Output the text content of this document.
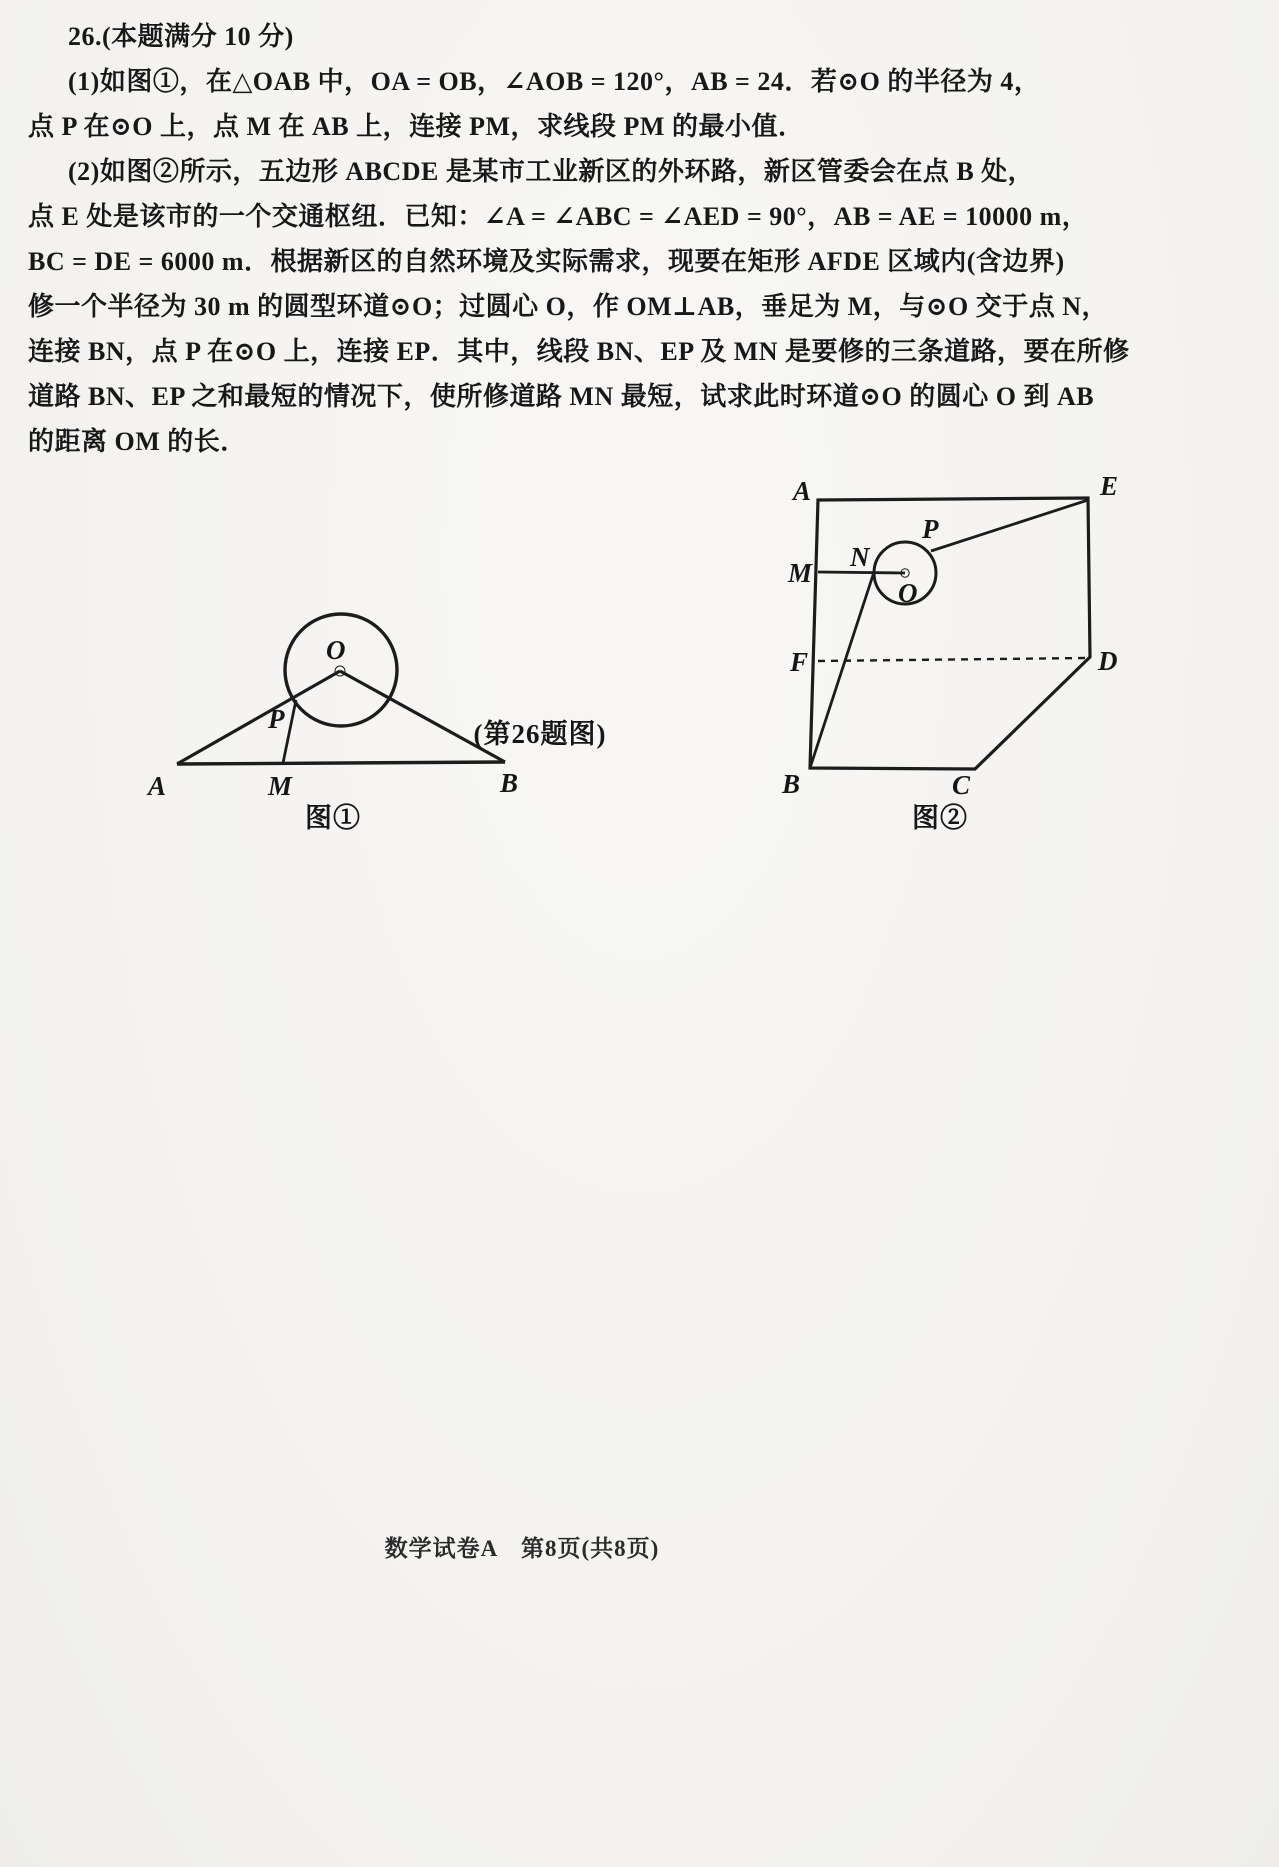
26.(本题满分 10 分)
(1)如图①，在△OAB 中，OA = OB，∠AOB = 120°，AB = 24．若⊙O 的半径为 4，
点 P 在⊙O 上，点 M 在 AB 上，连接 PM，求线段 PM 的最小值．
(2)如图②所示，五边形 ABCDE 是某市工业新区的外环路，新区管委会在点 B 处，
点 E 处是该市的一个交通枢纽．已知：∠A = ∠ABC = ∠AED = 90°，AB = AE = 10000 m，
BC = DE = 6000 m．根据新区的自然环境及实际需求，现要在矩形 AFDE 区域内(含边界)
修一个半径为 30 m 的圆型环道⊙O；过圆心 O，作 OM⊥AB，垂足为 M，与⊙O 交于点 N，
连接 BN，点 P 在⊙O 上，连接 EP．其中，线段 BN、EP 及 MN 是要修的三条道路，要在所修
道路 BN、EP 之和最短的情况下，使所修道路 MN 最短，试求此时环道⊙O 的圆心 O 到 AB
的距离 OM 的长．
O
P
A	M	B
图①
A	E
M
N
P
O
F	D
B	C
图②
(第26题图)
数学试卷A　第8页(共8页)
